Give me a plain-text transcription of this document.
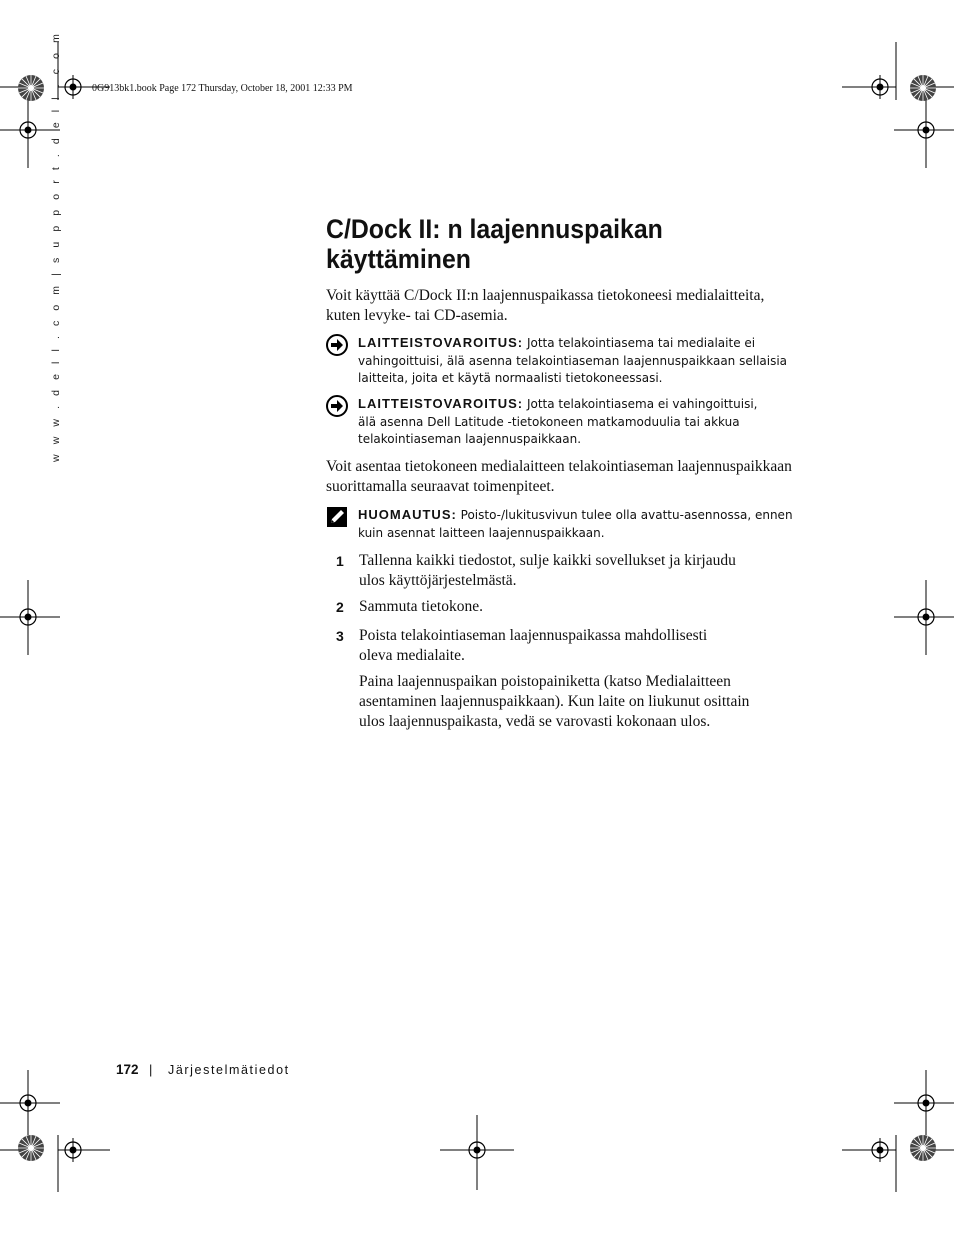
0G913bk1.book Page 172 Thursday, October 18, 2001 12:33 PM
w w w . d e l l . c o m | s u p p o r t . d e l l . c o m	C/Dock II: n laajennuspaikan
käyttäminen
Voit käyttää C/Dock II:n laajennuspaikassa tietokoneesi medialaitteita,
kuten levyke- tai CD-asemia.
LAITTEISTOVAROITUS: Jotta telakointiasema tai medialaite ei
vahingoittuisi, älä asenna telakointiaseman laajennuspaikkaan sellaisia
laitteita, joita et käytä normaalisti tietokoneessasi.
LAITTEISTOVAROITUS: Jotta telakointiasema ei vahingoittuisi,
älä asenna Dell Latitude -tietokoneen matkamoduulia tai akkua
telakointiaseman laajennuspaikkaan.
Voit asentaa tietokoneen medialaitteen telakointiaseman laajennuspaikkaan
suorittamalla seuraavat toimenpiteet.
HUOMAUTUS: Poisto-/lukitusvivun tulee olla avattu-asennossa, ennen
kuin asennat laitteen laajennuspaikkaan.
1 Tallenna kaikki tiedostot, sulje kaikki sovellukset ja kirjaudu
ulos käyttöjärjestelmästä.
2 Sammuta tietokone.
3 Poista telakointiaseman laajennuspaikassa mahdollisesti
oleva medialaite.
Paina laajennuspaikan poistopainiketta (katso Medialaitteen
asentaminen laajennuspaikkaan). Kun laite on liukunut osittain
ulos laajennuspaikasta, vedä se varovasti kokonaan ulos.
172 | Järjestelmätiedot
